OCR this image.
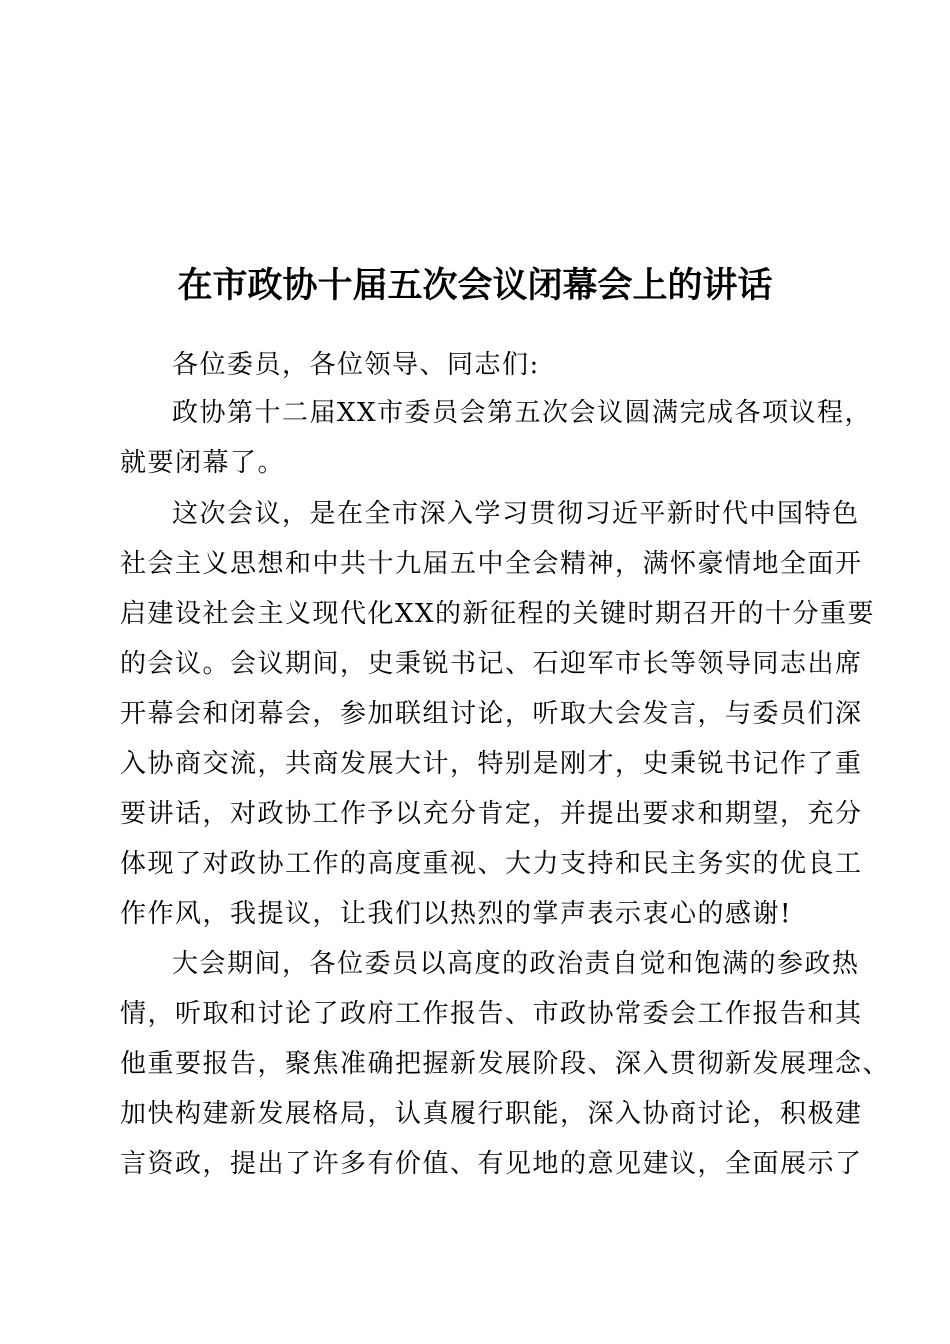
在市政协十届五次会议闭幕会上的讲话

各位委员，各位领导、同志们:

政协第十二届XX市委员会第五次会议圆满完成各项议程，

就要闭幕了。

这次会议，是在全市深入学习贯彻习近平新时代中国特色

社会主义思想和中共十九届五中全会精神，满怀豪情地全面开

启建设社会主义现代化XX的新征程的关键时期召开的十分重要

的会议。会议期间，史秉锐书记、石迎军市长等领导同志出席

开幕会和闭幕会，参加联组讨论，听取大会发言，与委员们深

入协商交流，共商发展大计，特别是刚才，史秉锐书记作了重

要讲话，对政协工作予以充分肯定，并提出要求和期望，充分

体现了对政协工作的高度重视、大力支持和民主务实的优良工

作作风，我提议，让我们以热烈的掌声表示衷心的感谢!

大会期间，各位委员以高度的政治责自觉和饱满的参政热

情，听取和讨论了政府工作报告、市政协常委会工作报告和其

他重要报告，聚焦准确把握新发展阶段、深入贯彻新发展理念、

加快构建新发展格局，认真履行职能，深入协商讨论，积极建

言资政，提出了许多有价值、有见地的意见建议，全面展示了
